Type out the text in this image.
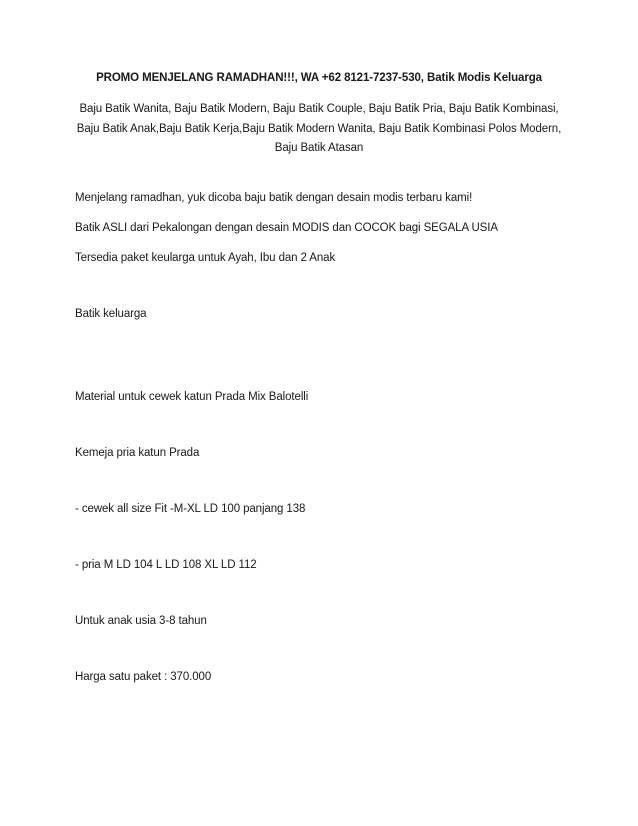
PROMO MENJELANG RAMADHAN!!!, WA +62 8121-7237-530, Batik Modis Keluarga
Baju Batik Wanita, Baju Batik Modern, Baju Batik Couple, Baju Batik Pria, Baju Batik Kombinasi, Baju Batik Anak,Baju Batik Kerja,Baju Batik Modern Wanita, Baju Batik Kombinasi Polos Modern, Baju Batik Atasan
Menjelang ramadhan, yuk dicoba baju batik dengan desain modis terbaru kami!
Batik ASLI dari Pekalongan dengan desain MODIS dan COCOK bagi SEGALA USIA
Tersedia paket keularga untuk Ayah, Ibu dan 2 Anak
Batik keluarga
Material untuk cewek katun Prada Mix Balotelli
Kemeja pria katun Prada
- cewek all size Fit -M-XL LD 100 panjang 138
- pria M LD 104 L LD 108 XL LD 112
Untuk anak usia 3-8 tahun
Harga satu paket : 370.000
